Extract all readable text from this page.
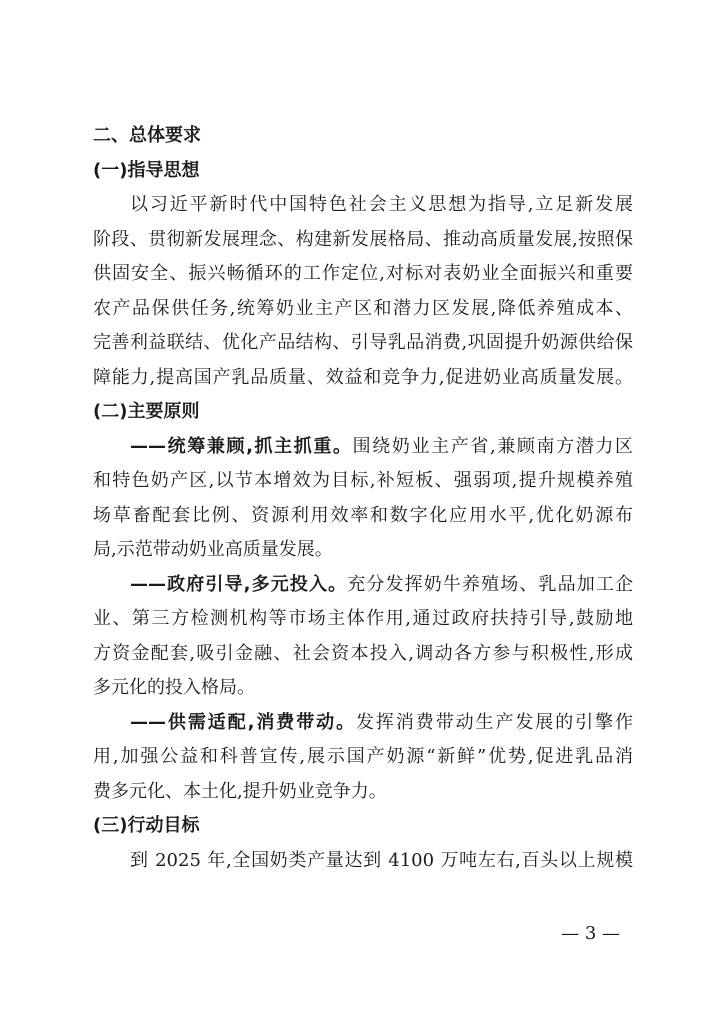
二、总体要求
(一)指导思想
以习近平新时代中国特色社会主义思想为指导,立足新发展
阶段、贯彻新发展理念、构建新发展格局、推动高质量发展,按照保
供固安全、振兴畅循环的工作定位,对标对表奶业全面振兴和重要
农产品保供任务,统筹奶业主产区和潜力区发展,降低养殖成本、
完善利益联结、优化产品结构、引导乳品消费,巩固提升奶源供给保
障能力,提高国产乳品质量、效益和竞争力,促进奶业高质量发展。
(二)主要原则
——统筹兼顾,抓主抓重。围绕奶业主产省,兼顾南方潜力区
和特色奶产区,以节本增效为目标,补短板、强弱项,提升规模养殖
场草畜配套比例、资源利用效率和数字化应用水平,优化奶源布
局,示范带动奶业高质量发展。
——政府引导,多元投入。充分发挥奶牛养殖场、乳品加工企
业、第三方检测机构等市场主体作用,通过政府扶持引导,鼓励地
方资金配套,吸引金融、社会资本投入,调动各方参与积极性,形成
多元化的投入格局。
——供需适配,消费带动。发挥消费带动生产发展的引擎作
用,加强公益和科普宣传,展示国产奶源“新鲜”优势,促进乳品消
费多元化、本土化,提升奶业竞争力。
(三)行动目标
到 2025 年,全国奶类产量达到 4100 万吨左右,百头以上规模
— 3 —
